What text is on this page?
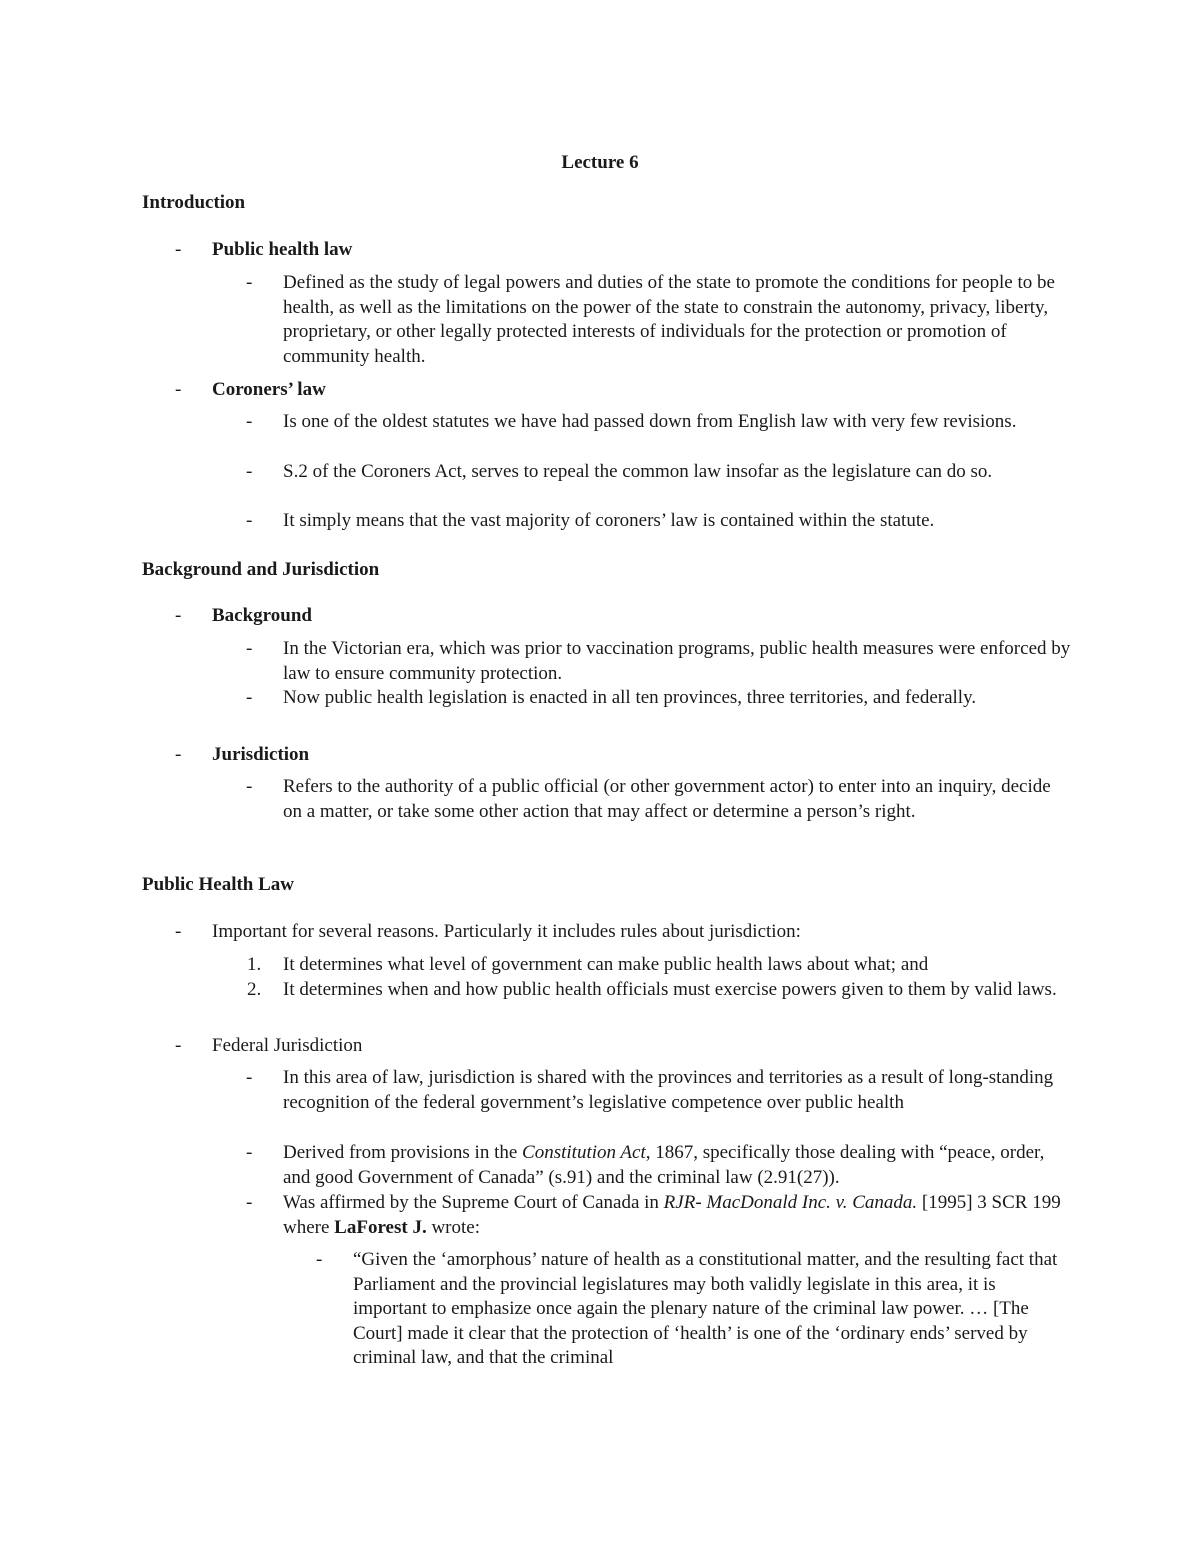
Lecture 6
Introduction
- Public health law
- Defined as the study of legal powers and duties of the state to promote the conditions for people to be health, as well as the limitations on the power of the state to constrain the autonomy, privacy, liberty, proprietary, or other legally protected interests of individuals for the protection or promotion of community health.
- Coroners’ law
- Is one of the oldest statutes we have had passed down from English law with very few revisions.
- S.2 of the Coroners Act, serves to repeal the common law insofar as the legislature can do so.
- It simply means that the vast majority of coroners’ law is contained within the statute.
Background and Jurisdiction
- Background
- In the Victorian era, which was prior to vaccination programs, public health measures were enforced by law to ensure community protection.
- Now public health legislation is enacted in all ten provinces, three territories, and federally.
- Jurisdiction
- Refers to the authority of a public official (or other government actor) to enter into an inquiry, decide on a matter, or take some other action that may affect or determine a person’s right.
Public Health Law
- Important for several reasons. Particularly it includes rules about jurisdiction:
1. It determines what level of government can make public health laws about what; and
2. It determines when and how public health officials must exercise powers given to them by valid laws.
- Federal Jurisdiction
- In this area of law, jurisdiction is shared with the provinces and territories as a result of long-standing recognition of the federal government’s legislative competence over public health
- Derived from provisions in the Constitution Act, 1867, specifically those dealing with “peace, order, and good Government of Canada” (s.91) and the criminal law (2.91(27)).
- Was affirmed by the Supreme Court of Canada in RJR- MacDonald Inc. v. Canada. [1995] 3 SCR 199 where LaForest J. wrote:
- “Given the ‘amorphous’ nature of health as a constitutional matter, and the resulting fact that Parliament and the provincial legislatures may both validly legislate in this area, it is important to emphasize once again the plenary nature of the criminal law power. … [The Court] made it clear that the protection of ‘health’ is one of the ‘ordinary ends’ served by criminal law, and that the criminal
